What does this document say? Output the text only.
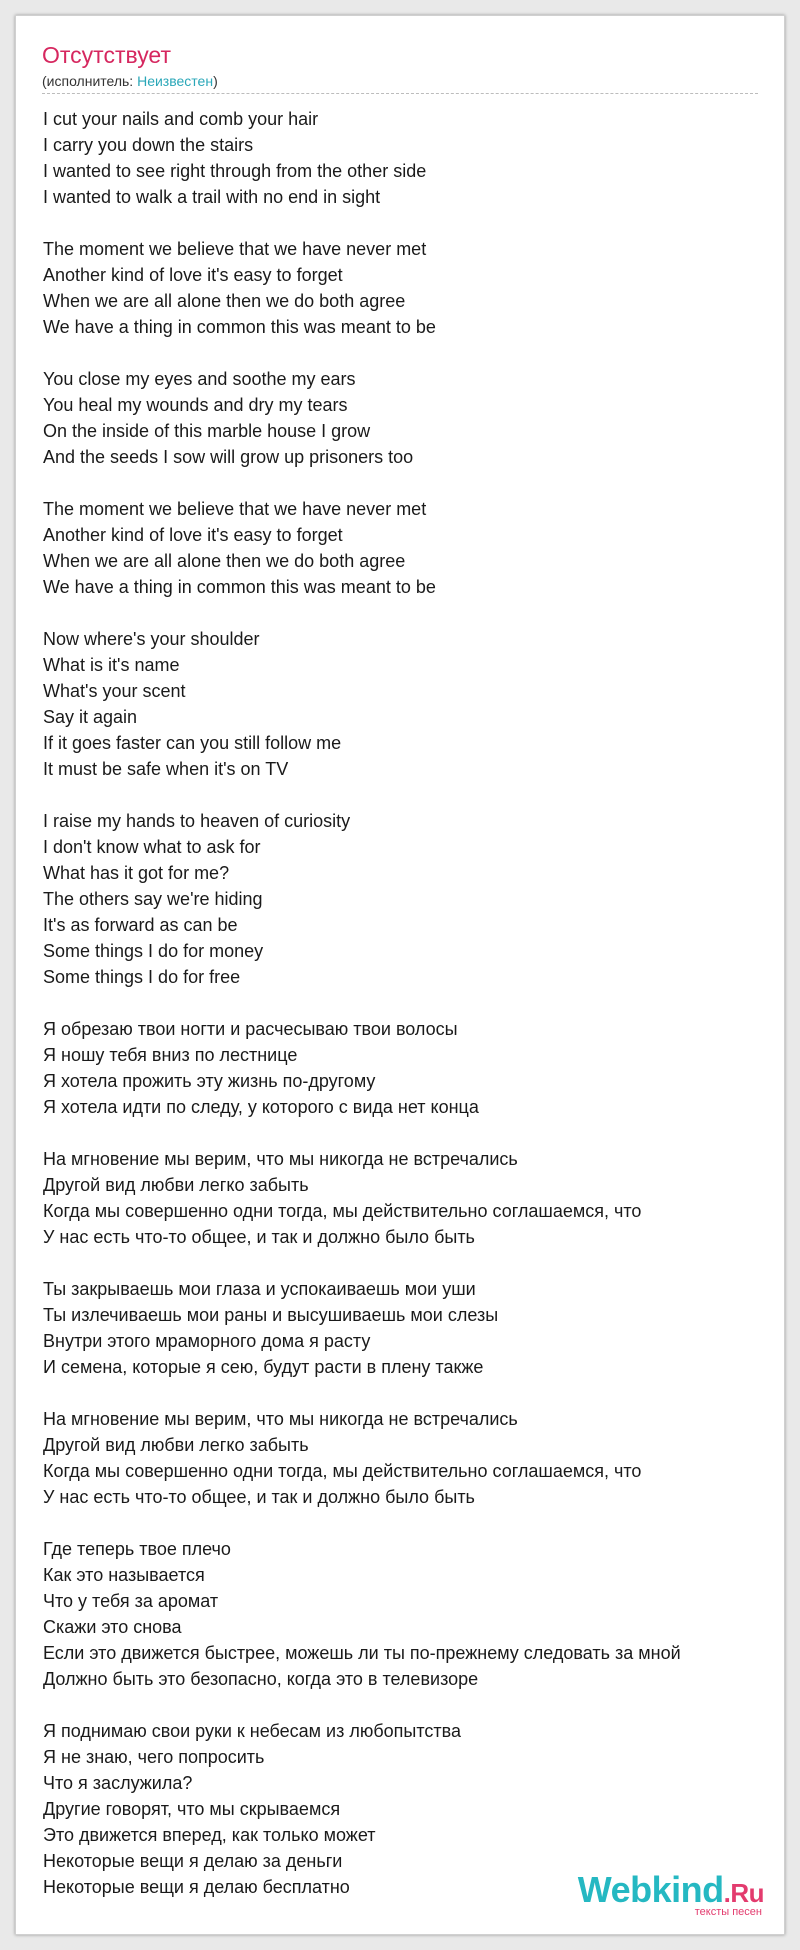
Отсутствует
(исполнитель: Неизвестен)
I cut your nails and comb your hair
I carry you down the stairs
I wanted to see right through from the other side
I wanted to walk a trail with no end in sight
The moment we believe that we have never met
Another kind of love it's easy to forget
When we are all alone then we do both agree
We have a thing in common this was meant to be
You close my eyes and soothe my ears
You heal my wounds and dry my tears
On the inside of this marble house I grow
And the seeds I sow will grow up prisoners too
The moment we believe that we have never met
Another kind of love it's easy to forget
When we are all alone then we do both agree
We have a thing in common this was meant to be
Now where's your shoulder
What is it's name
What's your scent
Say it again
If it goes faster can you still follow me
It must be safe when it's on TV
I raise my hands to heaven of curiosity
I don't know what to ask for
What has it got for me?
The others say we're hiding
It's as forward as can be
Some things I do for money
Some things I do for free
Я обрезаю твои ногти и расчесываю твои волосы
Я ношу тебя вниз по лестнице
Я хотела прожить эту жизнь по-другому
Я хотела идти по следу, у которого с вида нет конца
На мгновение мы верим, что мы никогда не встречались
Другой вид любви легко забыть
Когда мы совершенно одни тогда, мы действительно соглашаемся, что
У нас есть что-то общее, и так и должно было быть
Ты закрываешь мои глаза и успокаиваешь мои уши
Ты излечиваешь мои раны и высушиваешь мои слезы
Внутри этого мраморного дома я расту
И семена, которые я сею, будут расти в плену также
На мгновение мы верим, что мы никогда не встречались
Другой вид любви легко забыть
Когда мы совершенно одни тогда, мы действительно соглашаемся, что
У нас есть что-то общее, и так и должно было быть
Где теперь твое плечо
Как это называется
Что у тебя за аромат
Скажи это снова
Если это движется быстрее, можешь ли ты по-прежнему следовать за мной
Должно быть это безопасно, когда это в телевизоре
Я поднимаю свои руки к небесам из любопытства
Я не знаю, чего попросить
Что я заслужила?
Другие говорят, что мы скрываемся
Это движется вперед, как только может
Некоторые вещи я делаю за деньги
Некоторые вещи я делаю бесплатно	Webkind.Ru
тексты песен
